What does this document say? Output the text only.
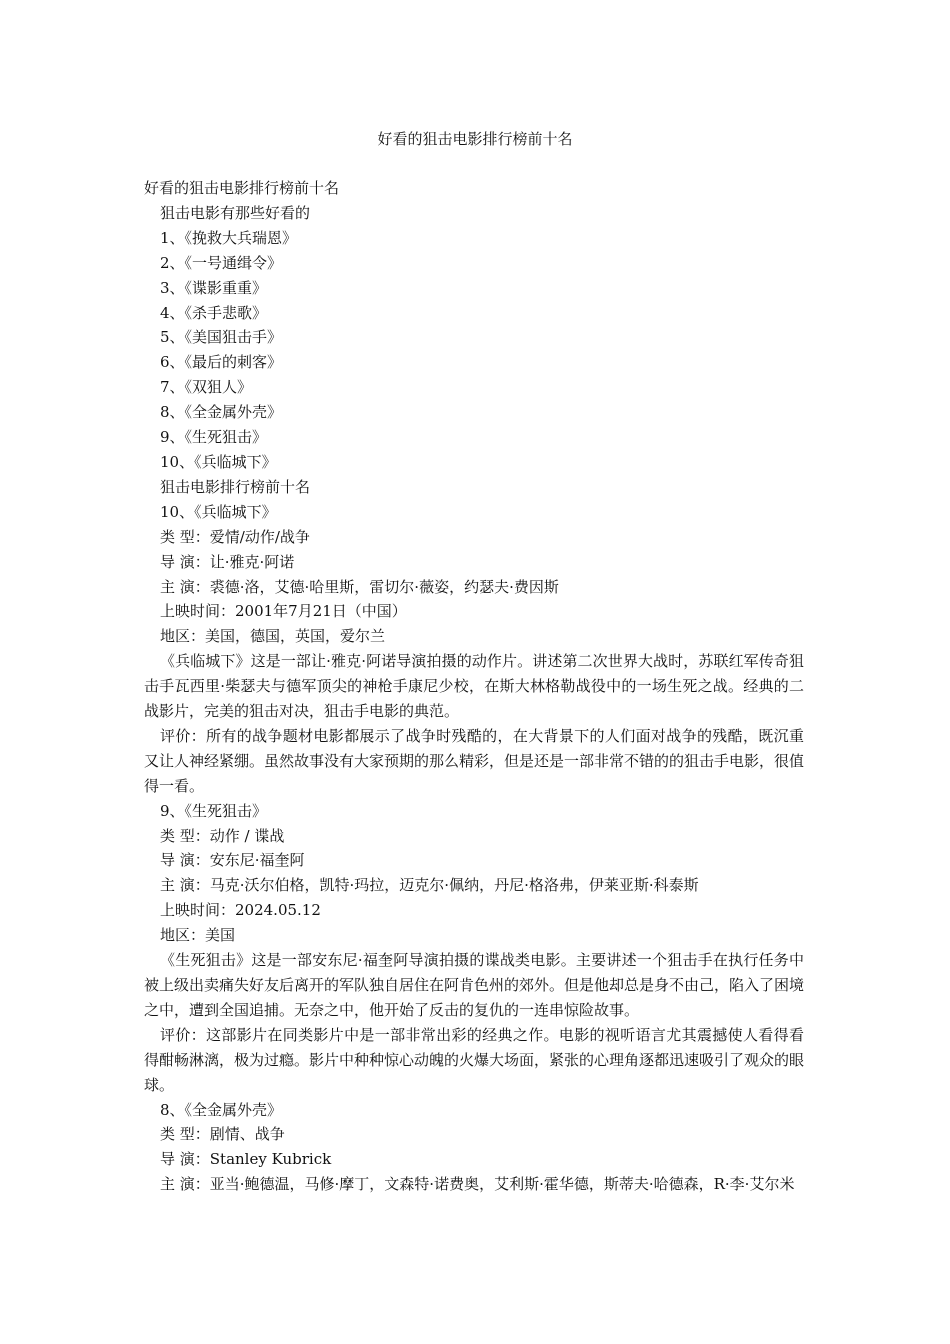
好看的狙击电影排行榜前十名

好看的狙击电影排行榜前十名

狙击电影有那些好看的

1、《挽救大兵瑞恩》

2、《一号通缉令》

3、《谍影重重》

4、《杀手悲歌》

5、《美国狙击手》

6、《最后的刺客》

7、《双狙人》

8、《全金属外壳》

9、《生死狙击》

10、《兵临城下》

狙击电影排行榜前十名

10、《兵临城下》

类 型：爱情/动作/战争

导 演：让·雅克·阿诺

主 演：裘德·洛，艾德·哈里斯，雷切尔·薇姿，约瑟夫·费因斯

上映时间：2001年7月21日（中国）

地区：美国，德国，英国，爱尔兰

《兵临城下》这是一部让·雅克·阿诺导演拍摄的动作片。讲述第二次世界大战时，苏联红军传奇狙击手瓦西里·柴瑟夫与德军顶尖的神枪手康尼少校，在斯大林格勒战役中的一场生死之战。经典的二战影片，完美的狙击对决，狙击手电影的典范。

评价：所有的战争题材电影都展示了战争时残酷的，在大背景下的人们面对战争的残酷，既沉重又让人神经紧绷。虽然故事没有大家预期的那么精彩，但是还是一部非常不错的的狙击手电影，很值得一看。

9、《生死狙击》

类 型：动作 / 谍战

导 演：安东尼·福奎阿

主 演：马克·沃尔伯格，凯特·玛拉，迈克尔·佩纳，丹尼·格洛弗，伊莱亚斯·科泰斯

上映时间：2024.05.12

地区：美国

《生死狙击》这是一部安东尼·福奎阿导演拍摄的谍战类电影。主要讲述一个狙击手在执行任务中被上级出卖痛失好友后离开的军队独自居住在阿肯色州的郊外。但是他却总是身不由己，陷入了困境之中，遭到全国追捕。无奈之中，他开始了反击的复仇的一连串惊险故事。

评价：这部影片在同类影片中是一部非常出彩的经典之作。电影的视听语言尤其震撼使人看得看得酣畅淋漓，极为过瘾。影片中种种惊心动魄的火爆大场面，紧张的心理角逐都迅速吸引了观众的眼球。

8、《全金属外壳》

类 型：剧情、战争

导 演：Stanley Kubrick

主 演：亚当·鲍德温，马修·摩丁，文森特·诺费奥，艾利斯·霍华德，斯蒂夫·哈德森，R·李·艾尔米
